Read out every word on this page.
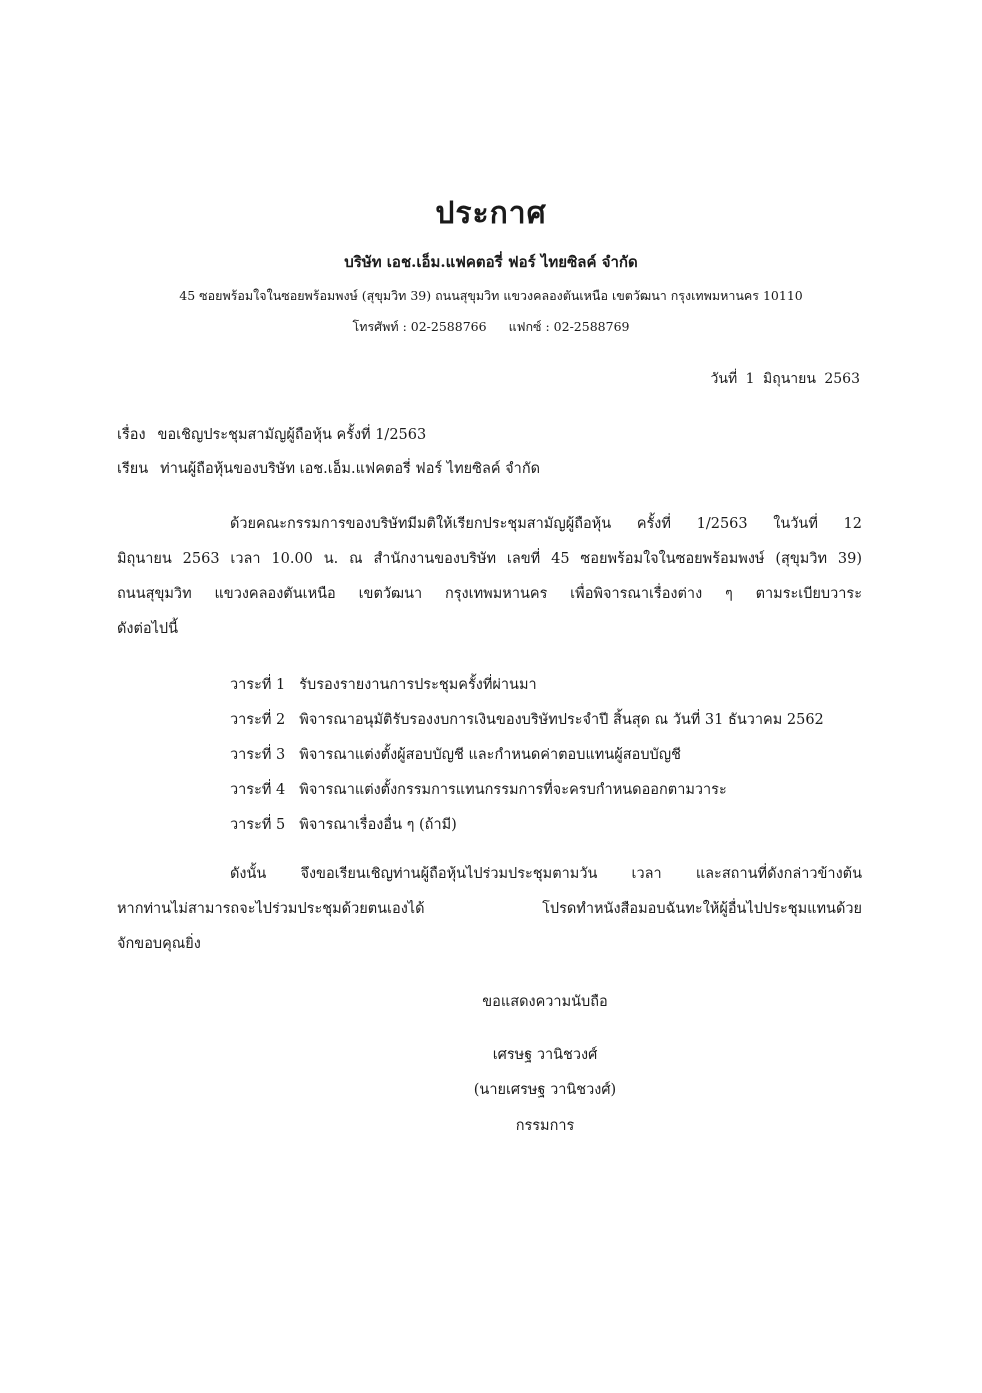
ประกาศ
บริษัท เอช.เอ็ม.แฟคตอรี่ ฟอร์ ไทยซิลค์ จำกัด
45 ซอยพร้อมใจในซอยพร้อมพงษ์ (สุขุมวิท 39) ถนนสุขุมวิท แขวงคลองตันเหนือ เขตวัฒนา กรุงเทพมหานคร 10110
โทรศัพท์ : 02-2588766 แฟกซ์ : 02-2588769
วันที่ 1 มิถุนายน 2563
เรื่อง ขอเชิญประชุมสามัญผู้ถือหุ้น ครั้งที่ 1/2563
เรียน ท่านผู้ถือหุ้นของบริษัท เอช.เอ็ม.แฟคตอรี่ ฟอร์ ไทยซิลค์ จำกัด
ด้วยคณะกรรมการของบริษัทมีมติให้เรียกประชุมสามัญผู้ถือหุ้น ครั้งที่ 1/2563 ในวันที่ 12
มิถุนายน 2563 เวลา 10.00 น. ณ สำนักงานของบริษัท เลขที่ 45 ซอยพร้อมใจในซอยพร้อมพงษ์ (สุขุมวิท 39)
ถนนสุขุมวิท แขวงคลองตันเหนือ เขตวัฒนา กรุงเทพมหานคร เพื่อพิจารณาเรื่องต่าง ๆ ตามระเบียบวาระ
ดังต่อไปนี้
วาระที่ 1 รับรองรายงานการประชุมครั้งที่ผ่านมา
วาระที่ 2 พิจารณาอนุมัติรับรองงบการเงินของบริษัทประจำปี สิ้นสุด ณ วันที่ 31 ธันวาคม 2562
วาระที่ 3 พิจารณาแต่งตั้งผู้สอบบัญชี และกำหนดค่าตอบแทนผู้สอบบัญชี
วาระที่ 4 พิจารณาแต่งตั้งกรรมการแทนกรรมการที่จะครบกำหนดออกตามวาระ
วาระที่ 5 พิจารณาเรื่องอื่น ๆ (ถ้ามี)
ดังนั้น จึงขอเรียนเชิญท่านผู้ถือหุ้นไปร่วมประชุมตามวัน เวลา และสถานที่ดังกล่าวข้างต้น
หากท่านไม่สามารถจะไปร่วมประชุมด้วยตนเองได้ โปรดทำหนังสือมอบฉันทะให้ผู้อื่นไปประชุมแทนด้วย
จักขอบคุณยิ่ง
ขอแสดงความนับถือ
เศรษฐ วานิชวงศ์
(นายเศรษฐ วานิชวงศ์)
กรรมการ
